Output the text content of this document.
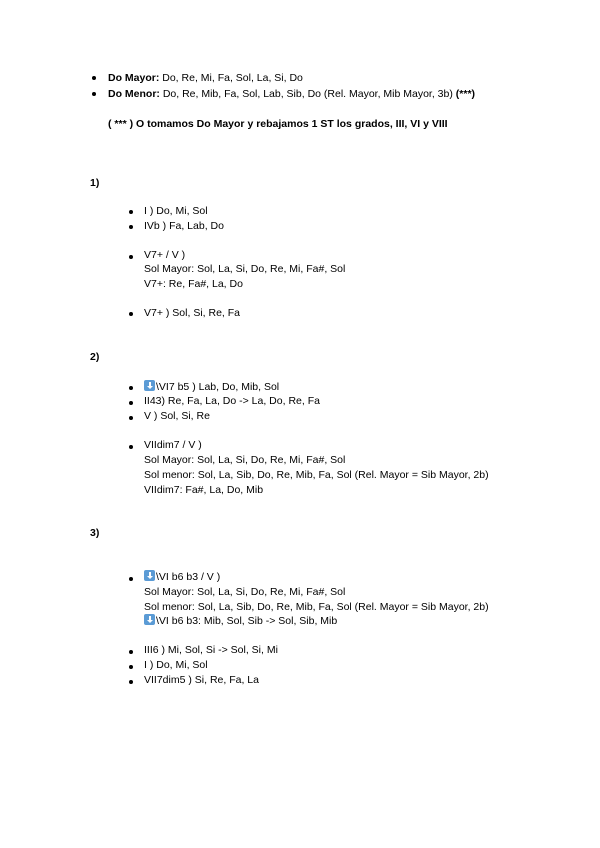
Do Mayor: Do, Re, Mi, Fa, Sol, La, Si, Do
Do Menor: Do, Re, Mib, Fa, Sol, Lab, Sib, Do (Rel. Mayor, Mib Mayor, 3b) (***)
( *** ) O tomamos Do Mayor y rebajamos 1 ST los grados, III, VI y VIII
1)
I ) Do, Mi, Sol
IVb ) Fa, Lab, Do
V7+ / V )
Sol Mayor: Sol, La, Si, Do, Re, Mi, Fa#, Sol
V7+: Re, Fa#, La, Do
V7+ ) Sol, Si, Re, Fa
2)
\VI7 b5 ) Lab, Do, Mib, Sol
II43) Re, Fa, La, Do -> La, Do, Re, Fa
V ) Sol, Si, Re
VIIdim7 / V )
Sol Mayor: Sol, La, Si, Do, Re, Mi, Fa#, Sol
Sol menor: Sol, La, Sib, Do, Re, Mib, Fa, Sol (Rel. Mayor = Sib Mayor, 2b)
VIIdim7: Fa#, La, Do, Mib
3)
\VI b6 b3 / V )
Sol Mayor: Sol, La, Si, Do, Re, Mi, Fa#, Sol
Sol menor: Sol, La, Sib, Do, Re, Mib, Fa, Sol (Rel. Mayor = Sib Mayor, 2b)
\VI b6 b3: Mib, Sol, Sib -> Sol, Sib, Mib
III6 ) Mi, Sol, Si -> Sol, Si, Mi
I ) Do, Mi, Sol
VII7dim5 ) Si, Re, Fa, La
